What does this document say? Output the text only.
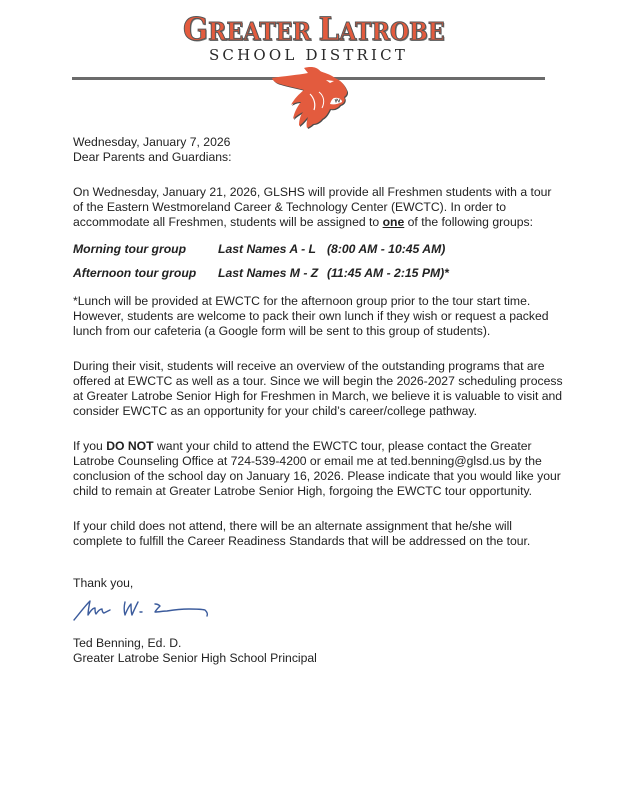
GREATER LATROBE
SCHOOL DISTRICT

Wednesday, January 7, 2026

Dear Parents and Guardians:

On Wednesday, January 21, 2026, GLSHS will provide all Freshmen students with a tour of the Eastern Westmoreland Career & Technology Center (EWCTC). In order to accommodate all Freshmen, students will be assigned to one of the following groups:

Morning tour group	Last Names A - L (8:00 AM - 10:45 AM)
Afternoon tour group Last Names M - Z (11:45 AM - 2:15 PM)*

*Lunch will be provided at EWCTC for the afternoon group prior to the tour start time. However, students are welcome to pack their own lunch if they wish or request a packed lunch from our cafeteria (a Google form will be sent to this group of students).

During their visit, students will receive an overview of the outstanding programs that are offered at EWCTC as well as a tour. Since we will begin the 2026-2027 scheduling process at Greater Latrobe Senior High for Freshmen in March, we believe it is valuable to visit and consider EWCTC as an opportunity for your child’s career/college pathway.

If you DO NOT want your child to attend the EWCTC tour, please contact the Greater Latrobe Counseling Office at 724-539-4200 or email me at ted.benning@glsd.us by the conclusion of the school day on January 16, 2026. Please indicate that you would like your child to remain at Greater Latrobe Senior High, forgoing the EWCTC tour opportunity.

If your child does not attend, there will be an alternate assignment that he/she will complete to fulfill the Career Readiness Standards that will be addressed on the tour.

Thank you,

Ted Benning, Ed. D.

Greater Latrobe Senior High School Principal
